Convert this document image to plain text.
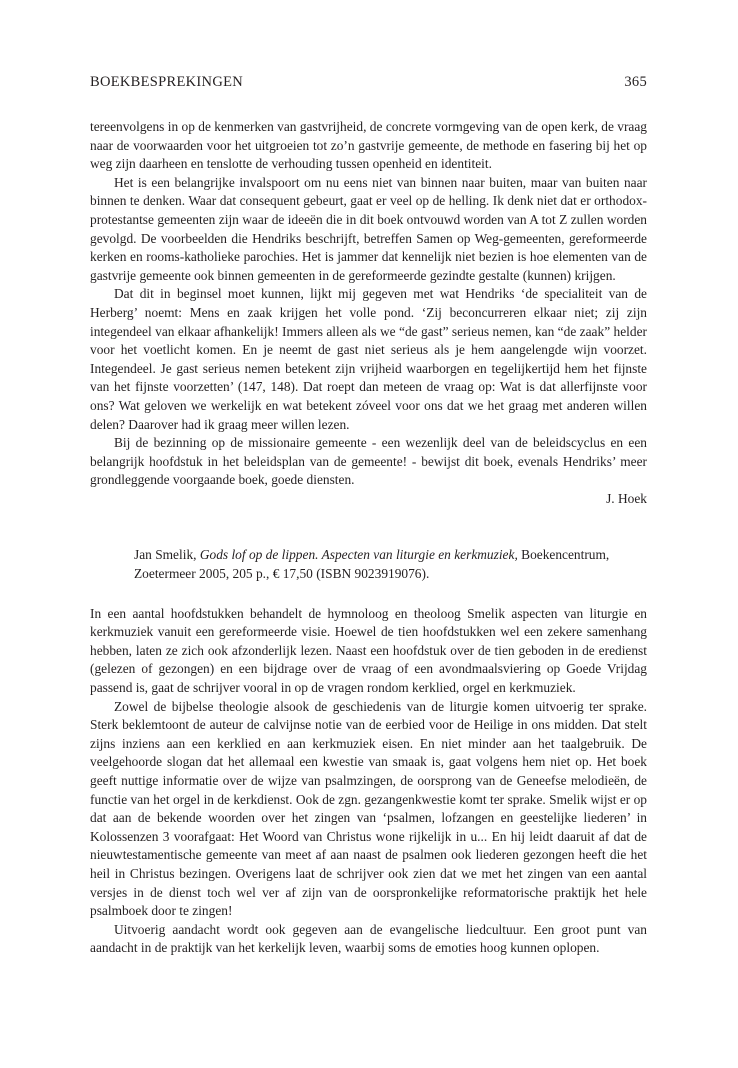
BOEKBESPREKINGEN	365

tereenvolgens in op de kenmerken van gastvrijheid, de concrete vormgeving van de open kerk, de vraag naar de voorwaarden voor het uitgroeien tot zo’n gastvrije gemeente, de methode en fasering bij het op weg zijn daarheen en tenslotte de verhouding tussen openheid en identiteit.

Het is een belangrijke invalspoort om nu eens niet van binnen naar buiten, maar van buiten naar binnen te denken. Waar dat consequent gebeurt, gaat er veel op de helling. Ik denk niet dat er orthodox-protestantse gemeenten zijn waar de ideeën die in dit boek ontvouwd worden van A tot Z zullen worden gevolgd. De voorbeelden die Hendriks beschrijft, betreffen Samen op Weg-gemeenten, gereformeerde kerken en rooms-katholieke parochies. Het is jammer dat kennelijk niet bezien is hoe elementen van de gastvrije gemeente ook binnen gemeenten in de gereformeerde gezindte gestalte (kunnen) krijgen.

Dat dit in beginsel moet kunnen, lijkt mij gegeven met wat Hendriks ‘de specialiteit van de Herberg’ noemt: Mens en zaak krijgen het volle pond. ‘Zij beconcurreren elkaar niet; zij zijn integendeel van elkaar afhankelijk! Immers alleen als we “de gast” serieus nemen, kan “de zaak” helder voor het voetlicht komen. En je neemt de gast niet serieus als je hem aangelengde wijn voorzet. Integendeel. Je gast serieus nemen betekent zijn vrijheid waarborgen en tegelijkertijd hem het fijnste van het fijnste voorzetten’ (147, 148). Dat roept dan meteen de vraag op: Wat is dat allerfijnste voor ons? Wat geloven we werkelijk en wat betekent zóveel voor ons dat we het graag met anderen willen delen? Daarover had ik graag meer willen lezen.

Bij de bezinning op de missionaire gemeente - een wezenlijk deel van de beleidscyclus en een belangrijk hoofdstuk in het beleidsplan van de gemeente! - bewijst dit boek, evenals Hendriks’ meer grondleggende voorgaande boek, goede diensten.

J. Hoek
Jan Smelik, Gods lof op de lippen. Aspecten van liturgie en kerkmuziek, Boekencentrum, Zoetermeer 2005, 205 p., € 17,50 (ISBN 9023919076).

In een aantal hoofdstukken behandelt de hymnoloog en theoloog Smelik aspecten van liturgie en kerkmuziek vanuit een gereformeerde visie. Hoewel de tien hoofdstukken wel een zekere samenhang hebben, laten ze zich ook afzonderlijk lezen. Naast een hoofdstuk over de tien geboden in de eredienst (gelezen of gezongen) en een bijdrage over de vraag of een avondmaalsviering op Goede Vrijdag passend is, gaat de schrijver vooral in op de vragen rondom kerklied, orgel en kerkmuziek.

Zowel de bijbelse theologie alsook de geschiedenis van de liturgie komen uitvoerig ter sprake. Sterk beklemtoont de auteur de calvijnse notie van de eerbied voor de Heilige in ons midden. Dat stelt zijns inziens aan een kerklied en aan kerkmuziek eisen. En niet minder aan het taalgebruik. De veelgehoorde slogan dat het allemaal een kwestie van smaak is, gaat volgens hem niet op. Het boek geeft nuttige informatie over de wijze van psalmzingen, de oorsprong van de Geneefse melodieën, de functie van het orgel in de kerkdienst. Ook de zgn. gezangenkwestie komt ter sprake. Smelik wijst er op dat aan de bekende woorden over het zingen van ‘psalmen, lofzangen en geestelijke liederen’ in Kolossenzen 3 voorafgaat: Het Woord van Christus wone rijkelijk in u... En hij leidt daaruit af dat de nieuwtestamentische gemeente van meet af aan naast de psalmen ook liederen gezongen heeft die het heil in Christus bezingen. Overigens laat de schrijver ook zien dat we met het zingen van een aantal versjes in de dienst toch wel ver af zijn van de oorspronkelijke reformatorische praktijk het hele psalmboek door te zingen!

Uitvoerig aandacht wordt ook gegeven aan de evangelische liedcultuur. Een groot punt van aandacht in de praktijk van het kerkelijk leven, waarbij soms de emoties hoog kunnen oplopen.
